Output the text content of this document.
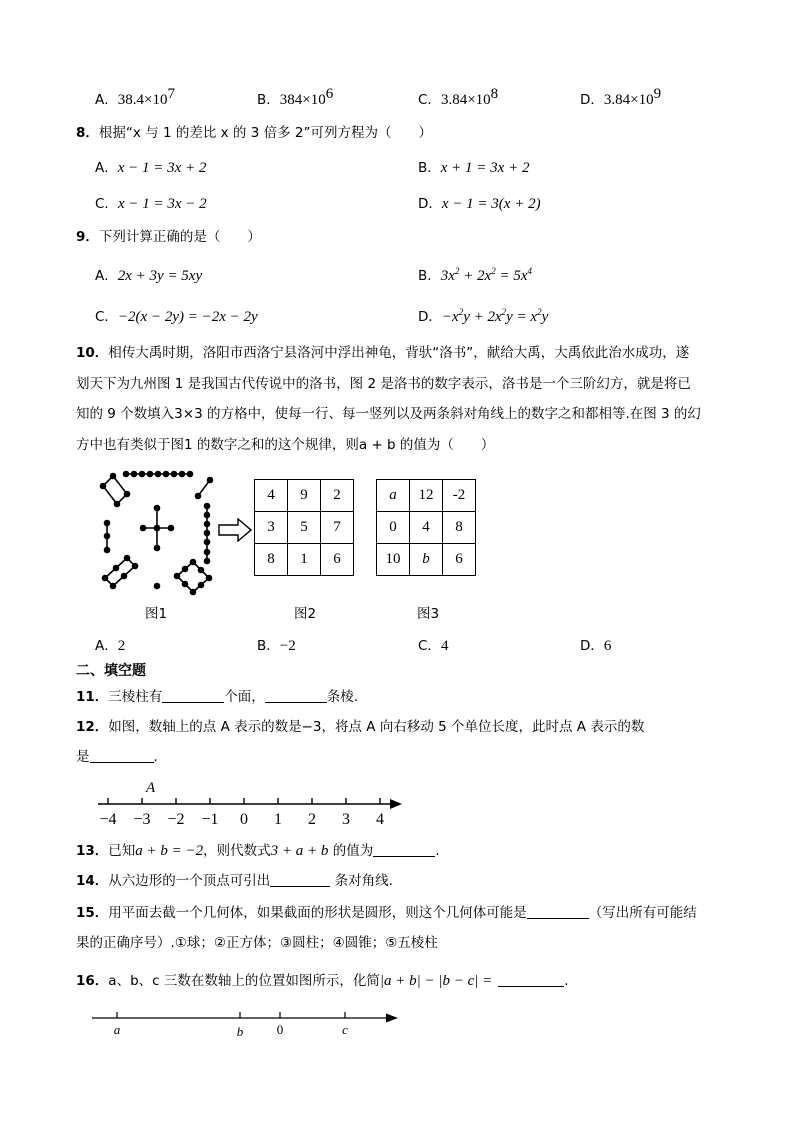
A．$38.4\times 10^7$	B．$384\times 10^6$	C．$3.84\times 10^8$	D．$3.84\times 10^9$
8．根据“x 与 1 的差比 x 的 3 倍多 2”可列方程为（　　）
A．x − 1 = 3x + 2	B．x + 1 = 3x + 2
C．x − 1 = 3x − 2	D．x − 1 = 3(x + 2)
9．下列计算正确的是（　　）
A．2x + 3y = 5xy	B．$3x^2 + 2x^2 = 5x^4$
C．−2(x − 2y) = −2x − 2y	D．$-x^2y + 2x^2y = x^2y$
10．相传大禹时期，洛阳市西洛宁县洛河中浮出神龟，背驮“洛书”，献给大禹，大禹依此治水成功，遂
划天下为九州图 1 是我国古代传说中的洛书，图 2 是洛书的数字表示，洛书是一个三阶幻方，就是将已
知的 9 个数填入3×3 的方格中，使每一行、每一竖列以及两条斜对角线上的数字之和都相等.在图 3 的幻
方中也有类似于图1 的数字之和的这个规律，则a + b 的值为（　　）
4	9	2
3	5	7
8	1	6
a	12	-2
0	4	8
10	b	6
图1	图2	图3
A．2	B．−2	C．4	D．6
二、填空题
11．三棱柱有	个面，	条棱.
12．如图，数轴上的点 A 表示的数是−3，将点 A 向右移动 5 个单位长度，此时点 A 表示的数
是	.
A
−4 −3 −2 −1 0 1 2 3 4
13．已知a + b = −2，则代数式3 + a + b 的值为	.
14．从六边形的一个顶点可引出	条对角线.
15．用平面去截一个几何体，如果截面的形状是圆形，则这个几何体可能是	（写出所有可能结
果的正确序号）.①球；②正方体；③圆柱；④圆锥；⑤五棱柱
16．a、b、c 三数在数轴上的位置如图所示，化简|a + b| − |b − c| =	.
a	b	0	c
